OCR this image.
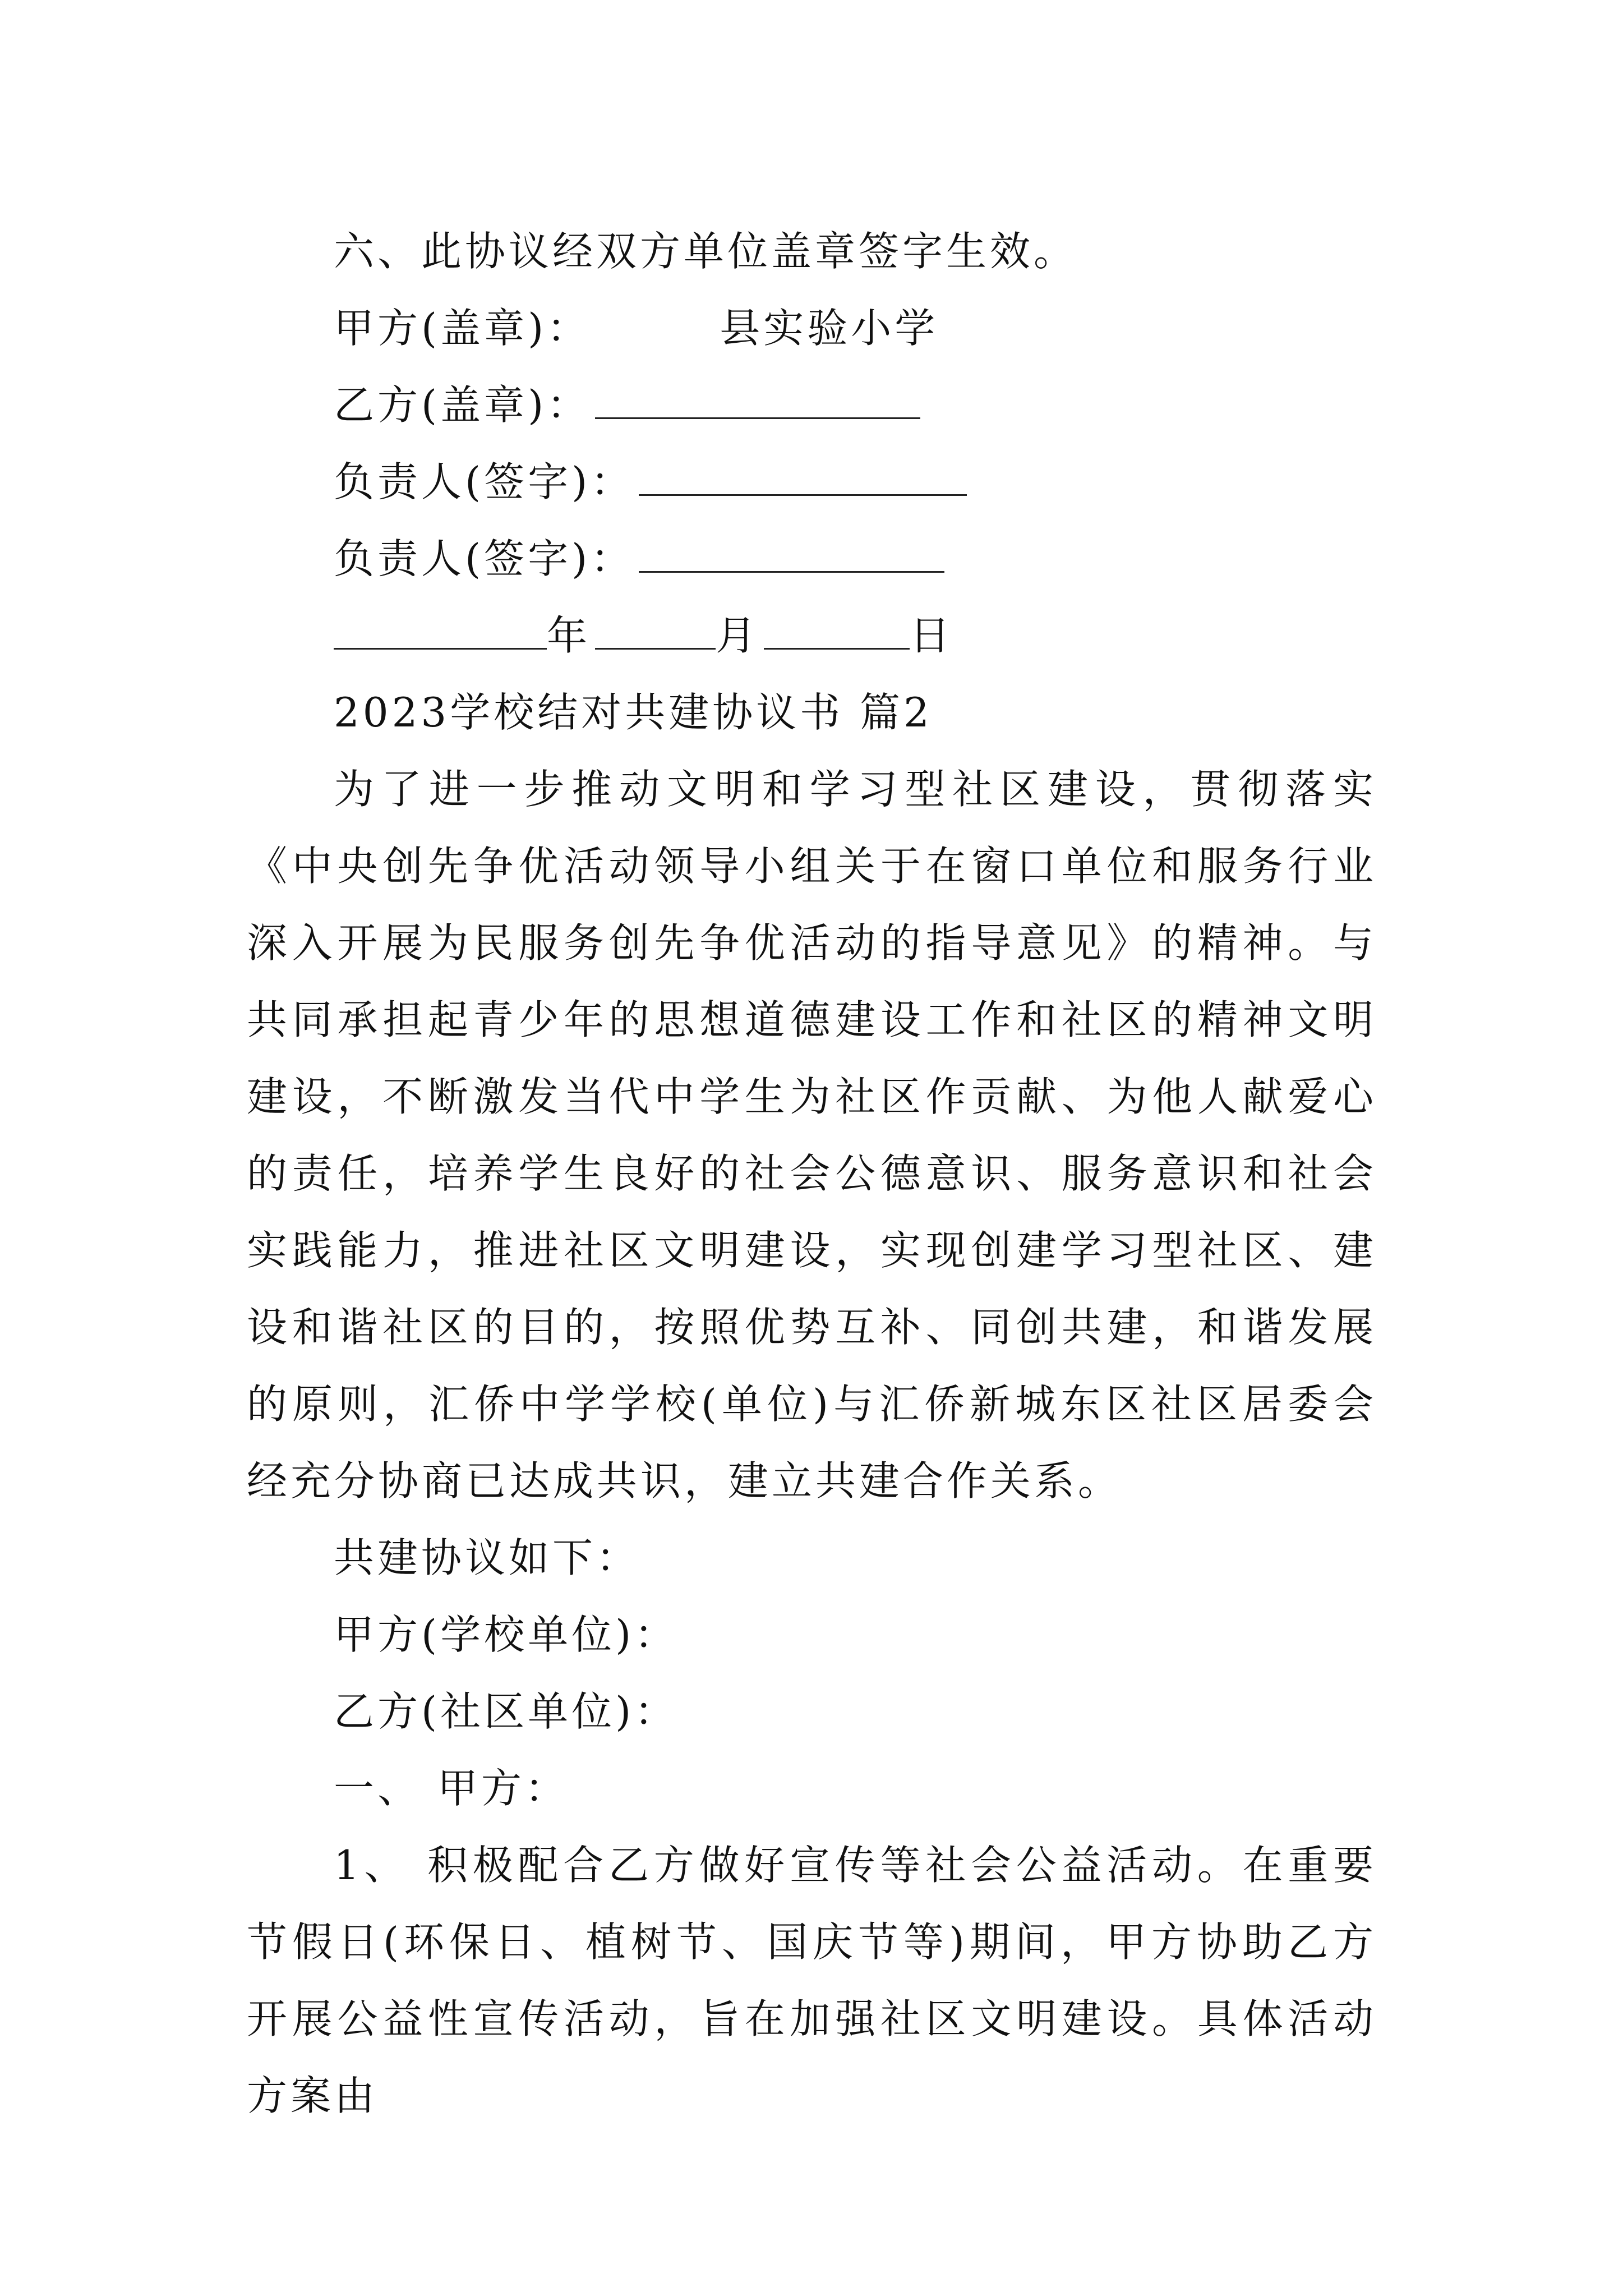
六、此协议经双方单位盖章签字生效。
甲方(盖章)：	县实验小学
乙方(盖章)：
负责人(签字)：
负责人(签字)：
年	月	日
2023学校结对共建协议书 篇2

为了进一步推动文明和学习型社区建设，贯彻落实《中央创先争优活动领导小组关于在窗口单位和服务行业深入开展为民服务创先争优活动的指导意见》的精神。与共同承担起青少年的思想道德建设工作和社区的精神文明建设，不断激发当代中学生为社区作贡献、为他人献爱心的责任，培养学生良好的社会公德意识、服务意识和社会实践能力，推进社区文明建设，实现创建学习型社区、建设和谐社区的目的，按照优势互补、同创共建，和谐发展的原则，汇侨中学学校(单位)与汇侨新城东区社区居委会 经充分协商已达成共识，建立共建合作关系。

共建协议如下：
甲方(学校单位)：
乙方(社区单位)：
一、 甲方：

1、 积极配合乙方做好宣传等社会公益活动。在重要节假日(环保日、植树节、国庆节等)期间，甲方协助乙方开展公益性宣传活动，旨在加强社区文明建设。具体活动方案由
